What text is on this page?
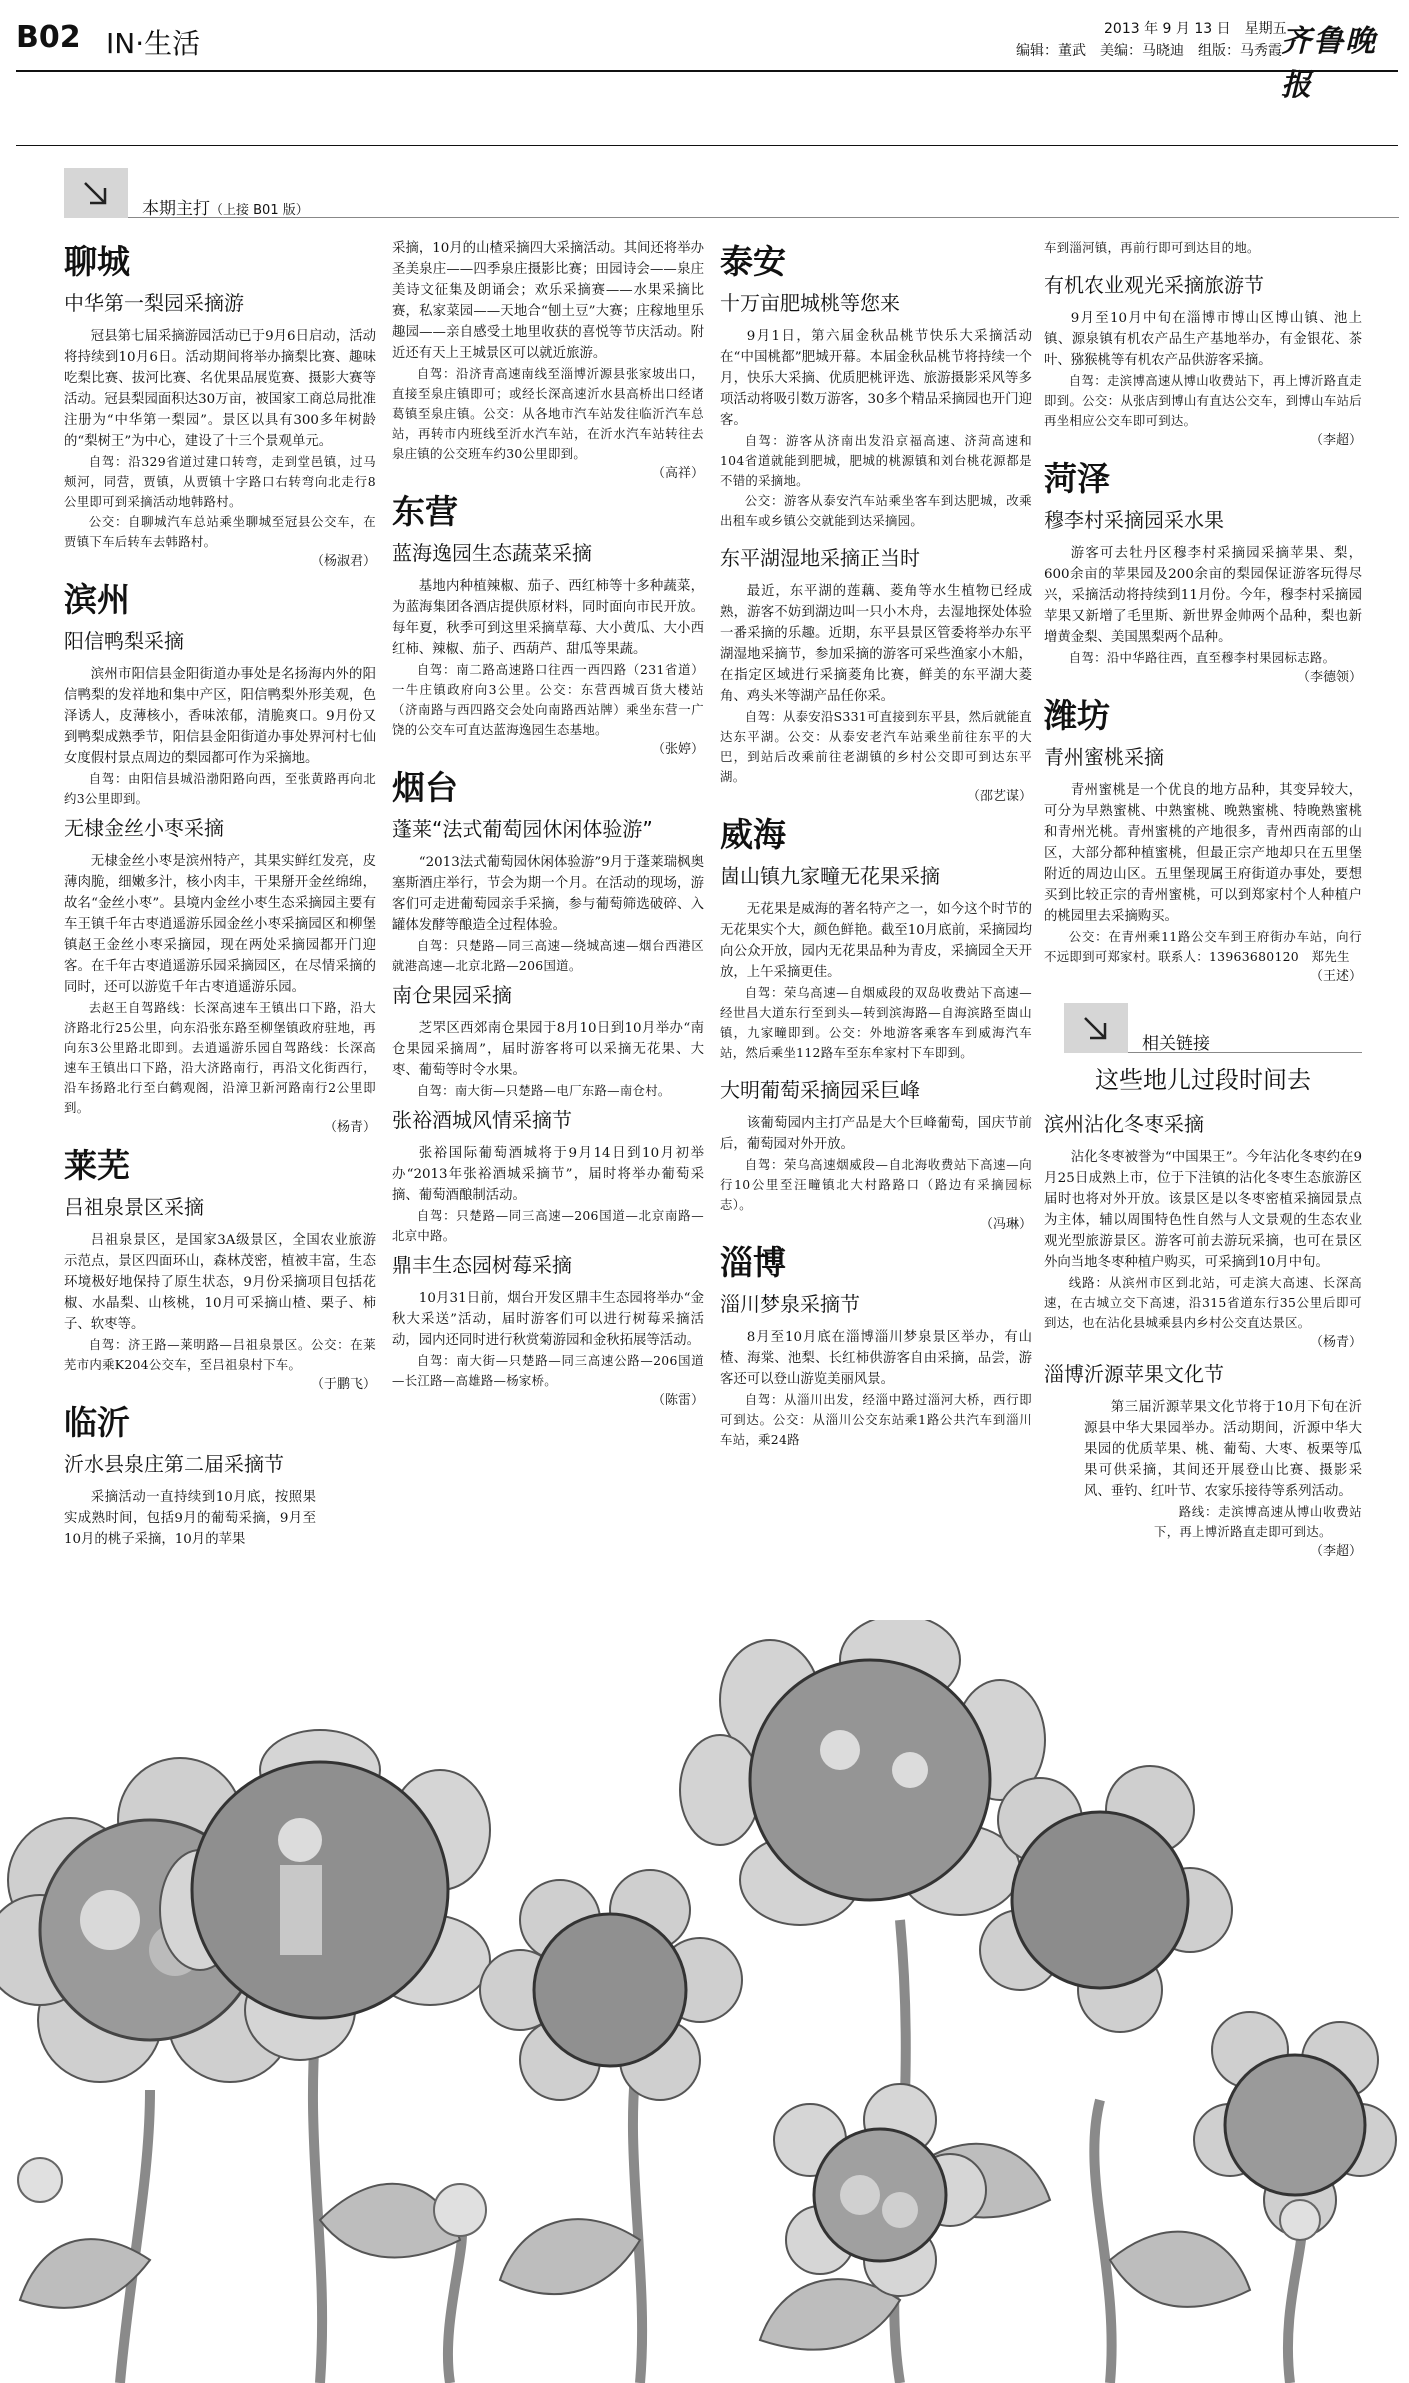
B02 IN·生活	2013 年 9 月 13 日　星期五
编辑：董武　美编：马晓迪　组版：马秀霞 齐鲁晚报
本期主打（上接 B01 版）
聊城
中华第一梨园采摘游

冠县第七届采摘游园活动已于9月6日启动，活动将持续到10月6日。活动期间将举办摘梨比赛、趣味吃梨比赛、拔河比赛、名优果品展览赛、摄影大赛等活动。冠县梨园面积达30万亩，被国家工商总局批准注册为“中华第一梨园”。景区以具有300多年树龄的“梨树王”为中心，建设了十三个景观单元。

自驾：沿329省道过建口转弯，走到堂邑镇，过马颊河，同营，贾镇，从贾镇十字路口右转弯向北走行8公里即可到采摘活动地韩路村。

公交：自聊城汽车总站乘坐聊城至冠县公交车，在贾镇下车后转车去韩路村。

（杨淑君）

滨州
阳信鸭梨采摘

滨州市阳信县金阳街道办事处是名扬海内外的阳信鸭梨的发祥地和集中产区，阳信鸭梨外形美观，色泽诱人，皮薄核小，香味浓郁，清脆爽口。9月份又到鸭梨成熟季节，阳信县金阳街道办事处界河村七仙女度假村景点周边的梨园都可作为采摘地。

自驾：由阳信县城沿渤阳路向西，至张黄路再向北约3公里即到。

无棣金丝小枣采摘

无棣金丝小枣是滨州特产，其果实鲜红发亮，皮薄肉脆，细嫩多汁，核小肉丰，干果掰开金丝绵绵，故名“金丝小枣”。县境内金丝小枣生态采摘园主要有车王镇千年古枣逍遥游乐园金丝小枣采摘园区和柳堡镇赵王金丝小枣采摘园，现在两处采摘园都开门迎客。在千年古枣逍遥游乐园采摘园区，在尽情采摘的同时，还可以游览千年古枣逍遥游乐园。

去赵王自驾路线：长深高速车王镇出口下路，沿大济路北行25公里，向东沿张东路至柳堡镇政府驻地，再向东3公里路北即到。去逍遥游乐园自驾路线：长深高速车王镇出口下路，沿大济路南行，再沿文化街西行，沿车扬路北行至白鹤观阁，沿漳卫新河路南行2公里即到。

（杨青）

莱芜
吕祖泉景区采摘

吕祖泉景区，是国家3A级景区，全国农业旅游示范点，景区四面环山，森林茂密，植被丰富，生态环境极好地保持了原生状态，9月份采摘项目包括花椒、水晶梨、山核桃，10月可采摘山楂、栗子、柿子、软枣等。

自驾：济王路—莱明路—吕祖泉景区。公交：在莱芜市内乘K204公交车，至吕祖泉村下车。

（于鹏飞）

临沂
沂水县泉庄第二届采摘节

采摘活动一直持续到10月底，按照果实成熟时间，包括9月的葡萄采摘，9月至10月的桃子采摘，10月的苹果

采摘，10月的山楂采摘四大采摘活动。其间还将举办圣美泉庄——四季泉庄摄影比赛；田园诗会——泉庄美诗文征集及朗诵会；欢乐采摘赛——水果采摘比赛，私家菜园——天地合“刨土豆”大赛；庄稼地里乐趣园——亲自感受土地里收获的喜悦等节庆活动。附近还有天上王城景区可以就近旅游。

自驾：沿济青高速南线至淄博沂源县张家坡出口，直接至泉庄镇即可；或经长深高速沂水县高桥出口经诸葛镇至泉庄镇。公交：从各地市汽车站发往临沂汽车总站，再转市内班线至沂水汽车站，在沂水汽车站转往去泉庄镇的公交班车约30公里即到。

（高祥）

东营
蓝海逸园生态蔬菜采摘

基地内种植辣椒、茄子、西红柿等十多种蔬菜，为蓝海集团各酒店提供原材料，同时面向市民开放。每年夏，秋季可到这里采摘草莓、大小黄瓜、大小西红柿、辣椒、茄子、西葫芦、甜瓜等果蔬。

自驾：南二路高速路口往西一西四路（231省道）一牛庄镇政府向3公里。公交：东营西城百货大楼站（济南路与西四路交会处向南路西站牌）乘坐东营一广饶的公交车可直达蓝海逸园生态基地。

（张婷）

烟台
蓬莱“法式葡萄园休闲体验游”

“2013法式葡萄园休闲体验游”9月于蓬莱瑞枫奥塞斯酒庄举行，节会为期一个月。在活动的现场，游客们可走进葡萄园亲手采摘，参与葡萄筛选破碎、入罐体发酵等酿造全过程体验。

自驾：只楚路—同三高速—绕城高速—烟台西港区就港高速—北京北路—206国道。

南仓果园采摘

芝罘区西郊南仓果园于8月10日到10月举办“南仓果园采摘周”，届时游客将可以采摘无花果、大枣、葡萄等时令水果。

自驾：南大街—只楚路—电厂东路—南仓村。

张裕酒城风情采摘节

张裕国际葡萄酒城将于9月14日到10月初举办“2013年张裕酒城采摘节”，届时将举办葡萄采摘、葡萄酒酿制活动。

自驾：只楚路—同三高速—206国道—北京南路—北京中路。

鼎丰生态园树莓采摘

10月31日前，烟台开发区鼎丰生态园将举办“金秋大采送”活动，届时游客们可以进行树莓采摘活动，园内还同时进行秋赏菊游园和金秋拓展等活动。

自驾：南大街—只楚路—同三高速公路—206国道—长江路—高雄路—杨家桥。

（陈雷）

泰安
十万亩肥城桃等您来

9月1日，第六届金秋品桃节快乐大采摘活动在“中国桃都”肥城开幕。本届金秋品桃节将持续一个月，快乐大采摘、优质肥桃评选、旅游摄影采风等多项活动将吸引数万游客，30多个精品采摘园也开门迎客。

自驾：游客从济南出发沿京福高速、济菏高速和104省道就能到肥城，肥城的桃源镇和刘台桃花源都是不错的采摘地。

公交：游客从泰安汽车站乘坐客车到达肥城，改乘出租车或乡镇公交就能到达采摘园。

东平湖湿地采摘正当时

最近，东平湖的莲藕、菱角等水生植物已经成熟，游客不妨到湖边叫一只小木舟，去湿地探处体验一番采摘的乐趣。近期，东平县景区管委将举办东平湖湿地采摘节，参加采摘的游客可采些渔家小木船，在指定区域进行采摘菱角比赛，鲜美的东平湖大菱角、鸡头米等湖产品任你采。

自驾：从泰安沿S331可直接到东平县，然后就能直达东平湖。公交：从泰安老汽车站乘坐前往东平的大巴，到站后改乘前往老湖镇的乡村公交即可到达东平湖。

（邵艺谋）

威海
崮山镇九家疃无花果采摘

无花果是威海的著名特产之一，如今这个时节的无花果实个大，颜色鲜艳。截至10月底前，采摘园均向公众开放，园内无花果品种为青皮，采摘园全天开放，上午采摘更佳。

自驾：荣乌高速—自烟威段的双岛收费站下高速—经世昌大道东行至到头—转到滨海路—自海滨路至崮山镇，九家疃即到。公交：外地游客乘客车到威海汽车站，然后乘坐112路车至东牟家村下车即到。

大明葡萄采摘园采巨峰

该葡萄园内主打产品是大个巨峰葡萄，国庆节前后，葡萄园对外开放。

自驾：荣乌高速烟威段—自北海收费站下高速—向行10公里至汪疃镇北大村路路口（路边有采摘园标志）。

（冯琳）

淄博
淄川梦泉采摘节

8月至10月底在淄博淄川梦泉景区举办，有山楂、海棠、池梨、长红柿供游客自由采摘，品尝，游客还可以登山游览美丽风景。

自驾：从淄川出发，经淄中路过淄河大桥，西行即可到达。公交：从淄川公交东站乘1路公共汽车到淄川车站，乘24路

车到淄河镇，再前行即可到达目的地。

有机农业观光采摘旅游节

9月至10月中旬在淄博市博山区博山镇、池上镇、源泉镇有机农产品生产基地举办，有金银花、茶叶、猕猴桃等有机农产品供游客采摘。

自驾：走滨博高速从博山收费站下，再上博沂路直走即到。公交：从张店到博山有直达公交车，到博山车站后再坐相应公交车即可到达。

（李超）

菏泽
穆李村采摘园采水果

游客可去牡丹区穆李村采摘园采摘苹果、梨，600余亩的苹果园及200余亩的梨园保证游客玩得尽兴，采摘活动将持续到11月份。今年，穆李村采摘园苹果又新增了毛里斯、新世界金帅两个品种，梨也新增黄金梨、美国黑梨两个品种。

自驾：沿中华路往西，直至穆李村果园标志路。

（李德领）

潍坊
青州蜜桃采摘

青州蜜桃是一个优良的地方品种，其变异较大，可分为早熟蜜桃、中熟蜜桃、晚熟蜜桃、特晚熟蜜桃和青州光桃。青州蜜桃的产地很多，青州西南部的山区，大部分都种植蜜桃，但最正宗产地却只在五里堡附近的周边山区。五里堡现属王府街道办事处，要想买到比较正宗的青州蜜桃，可以到郑家村个人种植户的桃园里去采摘购买。

公交：在青州乘11路公交车到王府街办车站，向行不远即到可郑家村。联系人：13963680120　郑先生

（王述）

相关链接
这些地儿过段时间去
滨州沾化冬枣采摘

沾化冬枣被誉为“中国果王”。今年沾化冬枣约在9月25日成熟上市，位于下洼镇的沾化冬枣生态旅游区届时也将对外开放。该景区是以冬枣密植采摘园景点为主体，辅以周围特色性自然与人文景观的生态农业观光型旅游景区。游客可前去游玩采摘，也可在景区外向当地冬枣种植户购买，可采摘到10月中旬。

线路：从滨州市区到北站，可走滨大高速、长深高速，在古城立交下高速，沿315省道东行35公里后即可到达，也在沾化县城乘县内乡村公交直达景区。

（杨青）

淄博沂源苹果文化节

第三届沂源苹果文化节将于10月下旬在沂源县中华大果园举办。活动期间，沂源中华大果园的优质苹果、桃、葡萄、大枣、板栗等瓜果可供采摘，其间还开展登山比赛、摄影采风、垂钓、红叶节、农家乐接待等系列活动。

路线：走滨博高速从博山收费站下，再上博沂路直走即可到达。

（李超）
